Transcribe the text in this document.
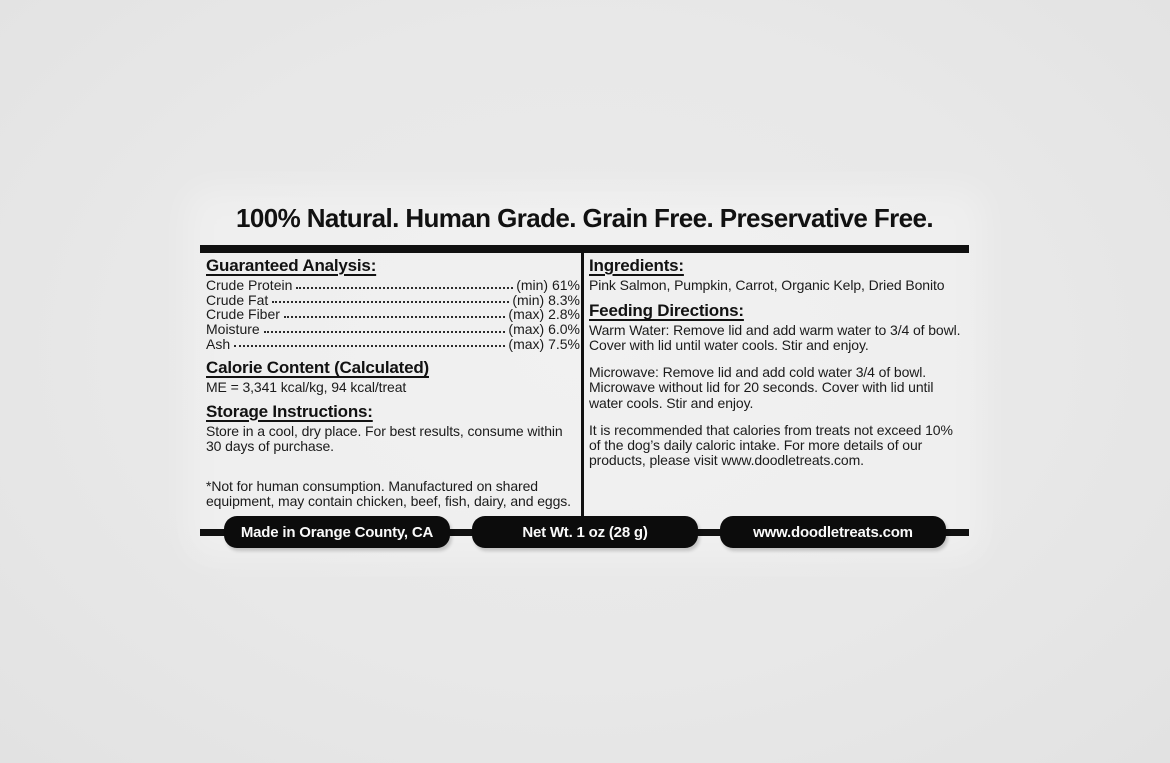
100% Natural. Human Grade. Grain Free. Preservative Free.
Guaranteed Analysis:
Crude Protein	(min) 61%
Crude Fat	(min) 8.3%
Crude Fiber	(max) 2.8%
Moisture	(max) 6.0%
Ash	(max) 7.5%
Calorie Content (Calculated)

ME = 3,341 kcal/kg, 94 kcal/treat

Storage Instructions:

Store in a cool, dry place. For best results, consume within 30 days of purchase.

*Not for human consumption. Manufactured on shared equipment, may contain chicken, beef, fish, dairy, and eggs.

Ingredients:

Pink Salmon, Pumpkin, Carrot, Organic Kelp, Dried Bonito

Feeding Directions:

Warm Water: Remove lid and add warm water to 3/4 of bowl. Cover with lid until water cools. Stir and enjoy.

Microwave: Remove lid and add cold water 3/4 of bowl. Microwave without lid for 20 seconds. Cover with lid until water cools. Stir and enjoy.

It is recommended that calories from treats not exceed 10% of the dog’s daily caloric intake. For more details of our products, please visit www.doodletreats.com.

Made in Orange County, CA	Net Wt. 1 oz (28 g)	www.doodletreats.com
